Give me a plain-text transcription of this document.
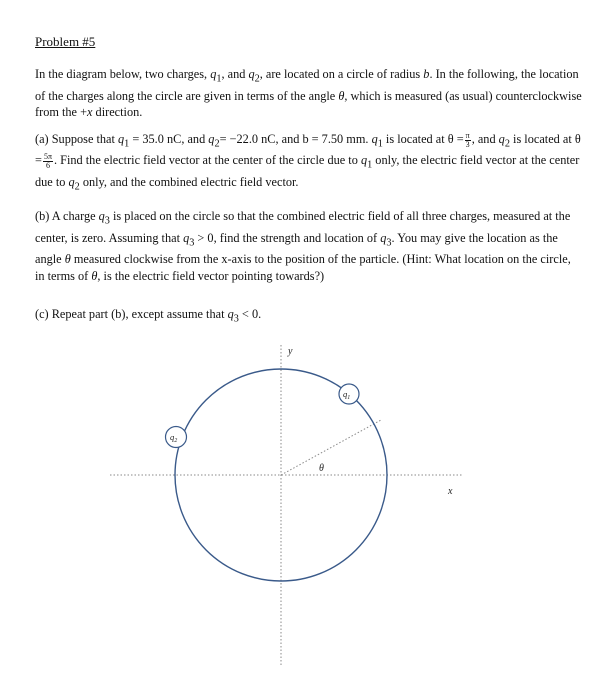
Problem #5
In the diagram below, two charges, $q_1$, and $q_2$, are located on a circle of radius b. In the following, the location of the charges along the circle are given in terms of the angle θ, which is measured (as usual) counterclockwise from the +x direction.
(a) Suppose that $q_1 = 35.0$ nC, and $q_2= -22.0$ nC, and b = 7.50 mm. $q_1$ is located at $\theta = \frac{\pi}{3}$ , and $q_2$ is located at $\theta = \frac{5\pi}{6}$ . Find the electric field vector at the center of the circle due to $q_1$ only, the electric field vector at the center due to $q_2$ only, and the combined electric field vector.
(b) A charge $q_3$ is placed on the circle so that the combined electric field of all three charges, measured at the center, is zero. Assuming that $q_3 > 0$, find the strength and location of $q_3$. You may give the location as the angle θ measured clockwise from the x-axis to the position of the particle. (Hint: What location on the circle, in terms of θ, is the electric field vector pointing towards?)
(c) Repeat part (b), except assume that $q_3 < 0$.
$q_1$
$q_2$
y
x
θ
